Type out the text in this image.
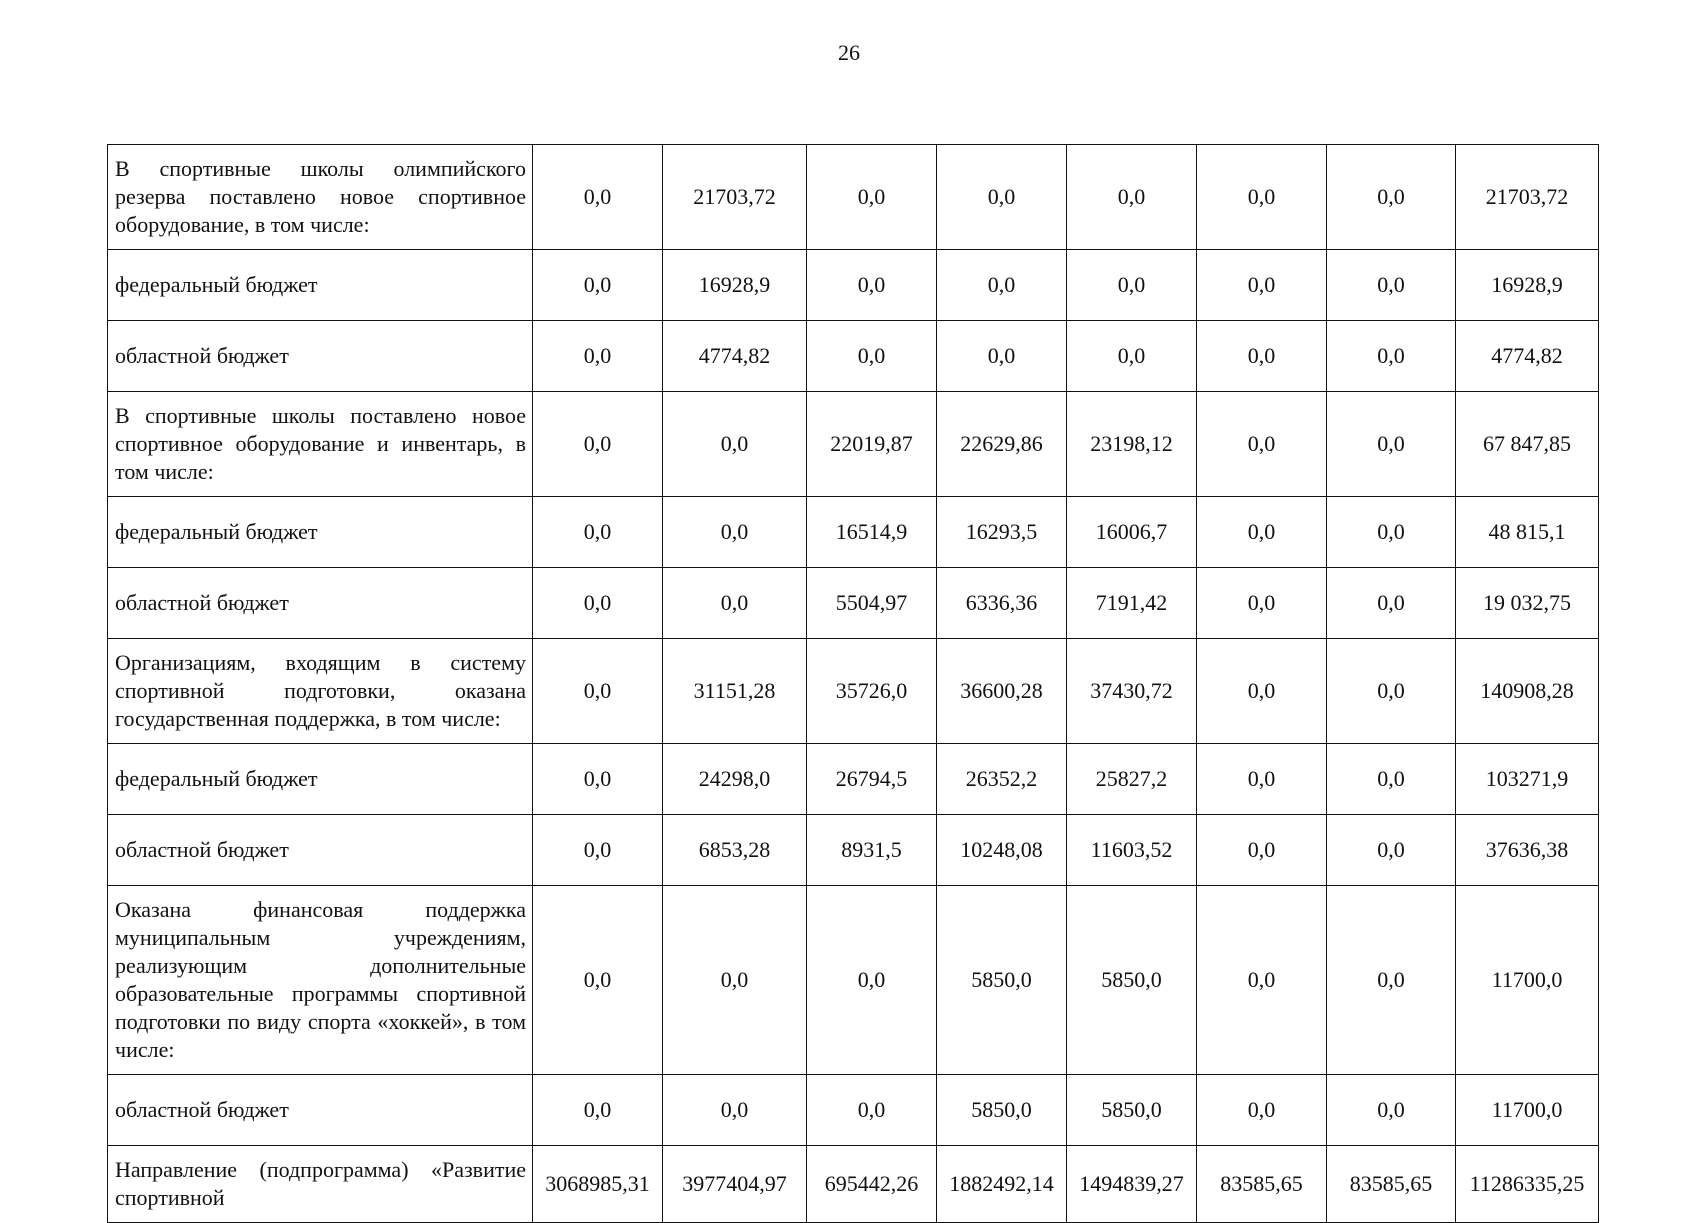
26
В спортивные школы олимпийского резерва поставлено новое спортивное оборудование, в том числе:	0,0	21703,72	0,0	0,0	0,0	0,0	0,0	21703,72
федеральный бюджет	0,0	16928,9	0,0	0,0	0,0	0,0	0,0	16928,9
областной бюджет	0,0	4774,82	0,0	0,0	0,0	0,0	0,0	4774,82
В спортивные школы поставлено новое спортивное оборудование и инвентарь, в том числе:	0,0	0,0	22019,87	22629,86	23198,12	0,0	0,0	67 847,85
федеральный бюджет	0,0	0,0	16514,9	16293,5	16006,7	0,0	0,0	48 815,1
областной бюджет	0,0	0,0	5504,97	6336,36	7191,42	0,0	0,0	19 032,75
Организациям, входящим в систему спортивной подготовки, оказана государственная поддержка, в том числе:	0,0	31151,28	35726,0	36600,28	37430,72	0,0	0,0	140908,28
федеральный бюджет	0,0	24298,0	26794,5	26352,2	25827,2	0,0	0,0	103271,9
областной бюджет	0,0	6853,28	8931,5	10248,08	11603,52	0,0	0,0	37636,38
Оказана финансовая поддержка муниципальным учреждениям, реализующим дополнительные образовательные программы спортивной подготовки по виду спорта «хоккей», в том числе:	0,0	0,0	0,0	5850,0	5850,0	0,0	0,0	11700,0
областной бюджет	0,0	0,0	0,0	5850,0	5850,0	0,0	0,0	11700,0
Направление (подпрограмма) «Развитие спортивной	3068985,31	3977404,97	695442,26	1882492,14	1494839,27	83585,65	83585,65	11286335,25
